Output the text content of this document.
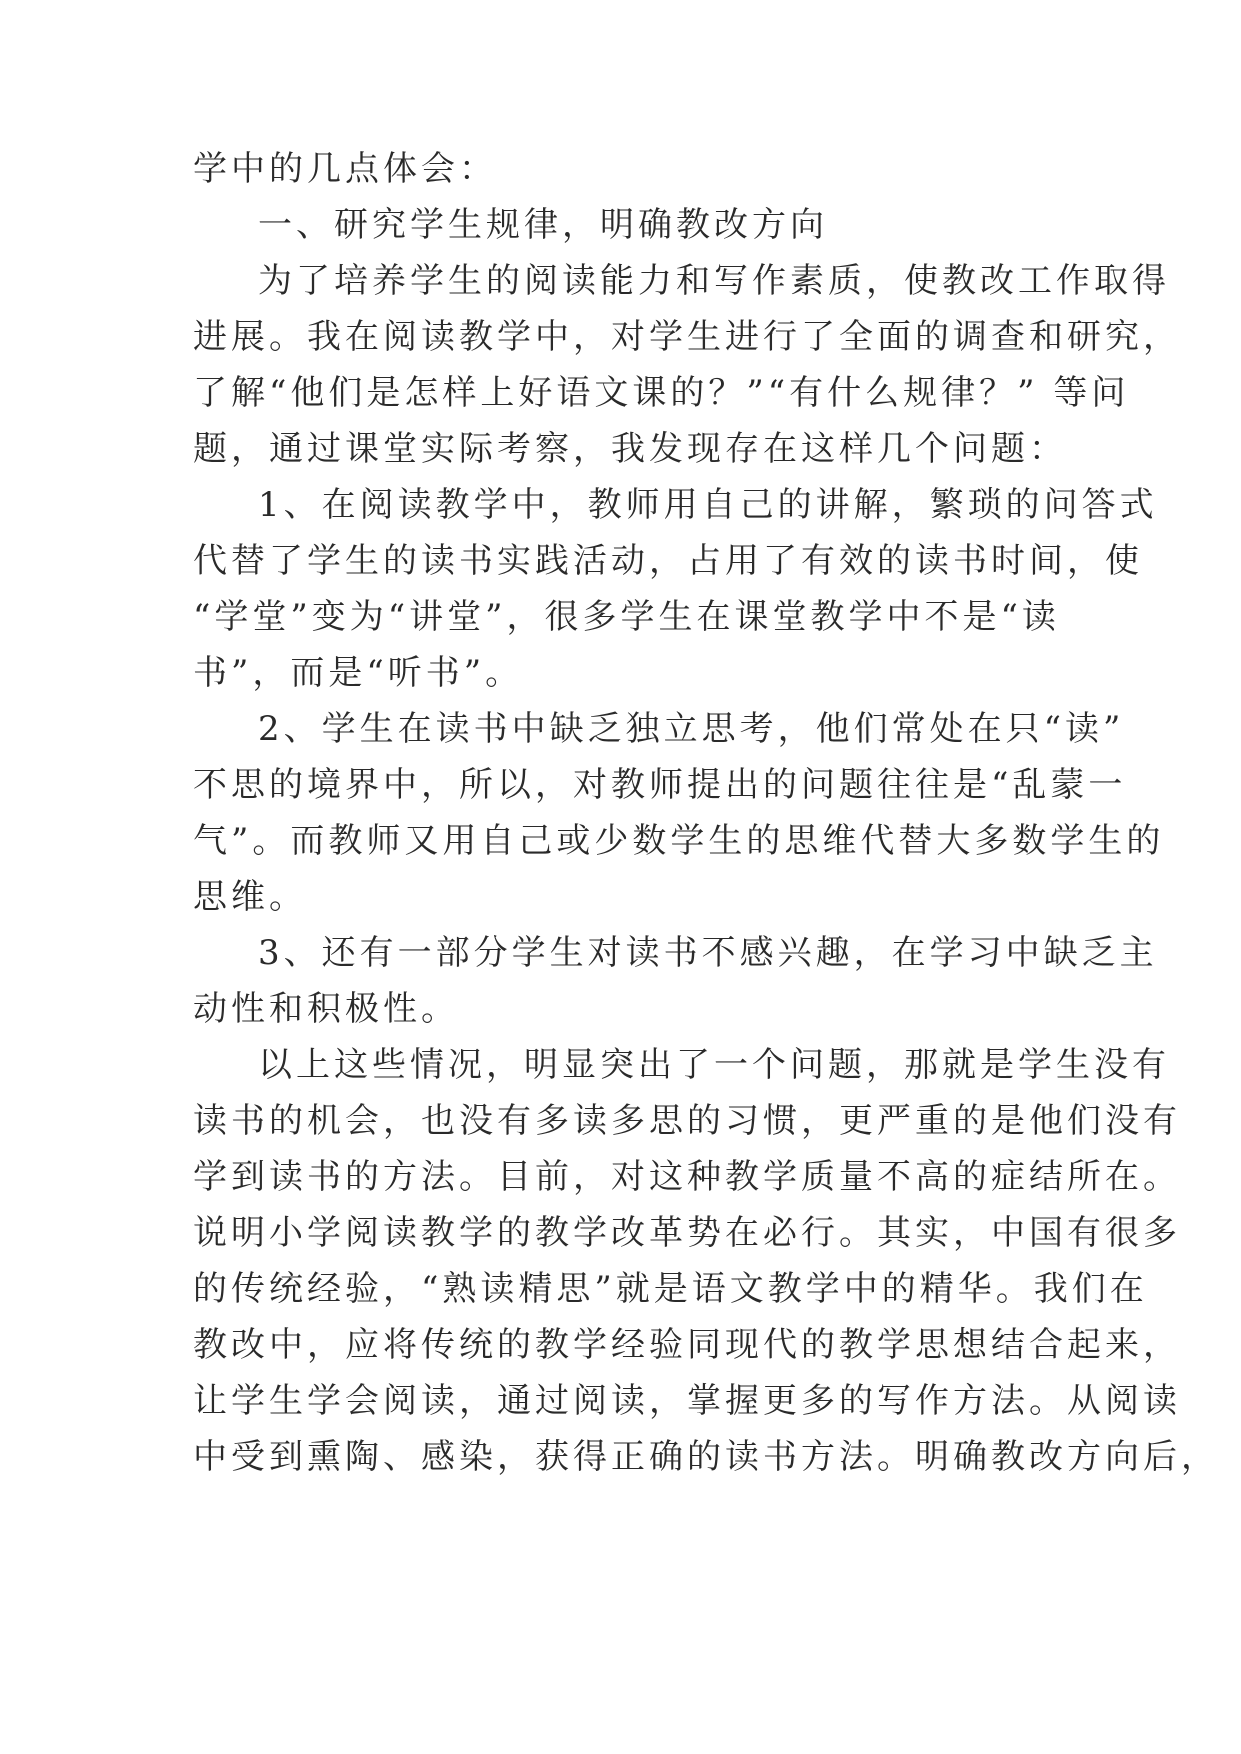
学中的几点体会：
一、研究学生规律，明确教改方向
为了培养学生的阅读能力和写作素质，使教改工作取得
进展。我在阅读教学中，对学生进行了全面的调查和研究，
了解“他们是怎样上好语文课的？”“有什么规律？” 等问
题，通过课堂实际考察，我发现存在这样几个问题：
1、在阅读教学中，教师用自己的讲解，繁琐的问答式
代替了学生的读书实践活动，占用了有效的读书时间，使
“学堂”变为“讲堂”，很多学生在课堂教学中不是“读
书”，而是“听书”。
2、学生在读书中缺乏独立思考，他们常处在只“读”
不思的境界中，所以，对教师提出的问题往往是“乱蒙一
气”。而教师又用自己或少数学生的思维代替大多数学生的
思维。
3、还有一部分学生对读书不感兴趣，在学习中缺乏主
动性和积极性。
以上这些情况，明显突出了一个问题，那就是学生没有
读书的机会，也没有多读多思的习惯，更严重的是他们没有
学到读书的方法。目前，对这种教学质量不高的症结所在。
说明小学阅读教学的教学改革势在必行。其实，中国有很多
的传统经验，“熟读精思”就是语文教学中的精华。我们在
教改中，应将传统的教学经验同现代的教学思想结合起来，
让学生学会阅读，通过阅读，掌握更多的写作方法。从阅读
中受到熏陶、感染，获得正确的读书方法。明确教改方向后，
